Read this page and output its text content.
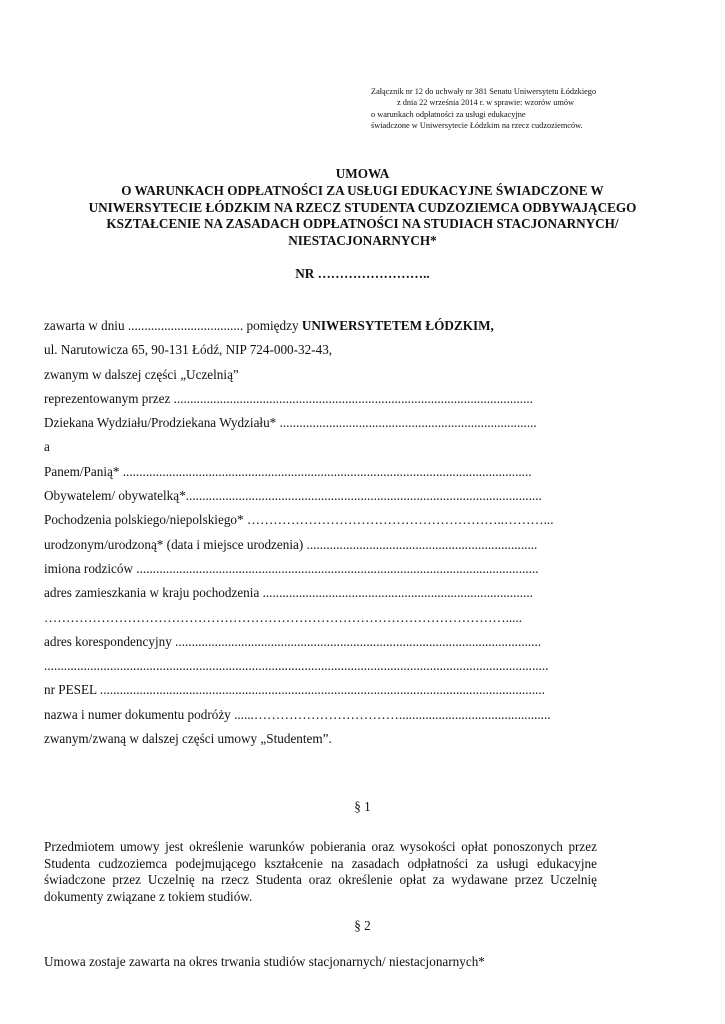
Załącznik nr 12 do uchwały nr 381 Senatu Uniwersytetu Łódzkiego
z dnia 22 września 2014 r. w sprawie: wzorów umów
o warunkach odpłatności za usługi edukacyjne
świadczone w Uniwersytecie Łódzkim na rzecz cudzoziemców.
UMOWA
O WARUNKACH ODPŁATNOŚCI ZA USŁUGI EDUKACYJNE ŚWIADCZONE W
UNIWERSYTECIE ŁÓDZKIM NA RZECZ STUDENTA CUDZOZIEMCA ODBYWAJĄCEGO
KSZTAŁCENIE NA ZASADACH ODPŁATNOŚCI NA STUDIACH STACJONARNYCH/
NIESTACJONARNYCH*
NR ……………………..
zawarta w dniu ................................... pomiędzy UNIWERSYTETEM ŁÓDZKIM,
ul. Narutowicza 65, 90-131 Łódź, NIP 724-000-32-43,
zwanym w dalszej części „Uczelnią”
reprezentowanym przez .............................................................................................................
Dziekana Wydziału/Prodziekana Wydziału* ..............................................................................
a
Panem/Panią* ............................................................................................................................
Obywatelem/ obywatelką*............................................................................................................
Pochodzenia polskiego/niepolskiego* …………………………………………………..………...
urodzonym/urodzoną* (data i miejsce urodzenia) ......................................................................
imiona rodziców ..........................................................................................................................
adres zamieszkania w kraju pochodzenia ..................................................................................
…………………………………………………………………………………………….....
adres korespondencyjny ...............................................................................................................
.........................................................................................................................................................
nr PESEL .......................................................................................................................................
nazwa i numer dokumentu podróży ......……………………………..............................................
zwanym/zwaną w dalszej części umowy „Studentem”.
§ 1
Przedmiotem umowy jest określenie warunków pobierania oraz wysokości opłat ponoszonych przez Studenta cudzoziemca podejmującego kształcenie na zasadach odpłatności za usługi edukacyjne świadczone przez Uczelnię na rzecz Studenta oraz określenie opłat za wydawane przez Uczelnię dokumenty związane z tokiem studiów.
§ 2
Umowa zostaje zawarta na okres trwania studiów stacjonarnych/ niestacjonarnych*
